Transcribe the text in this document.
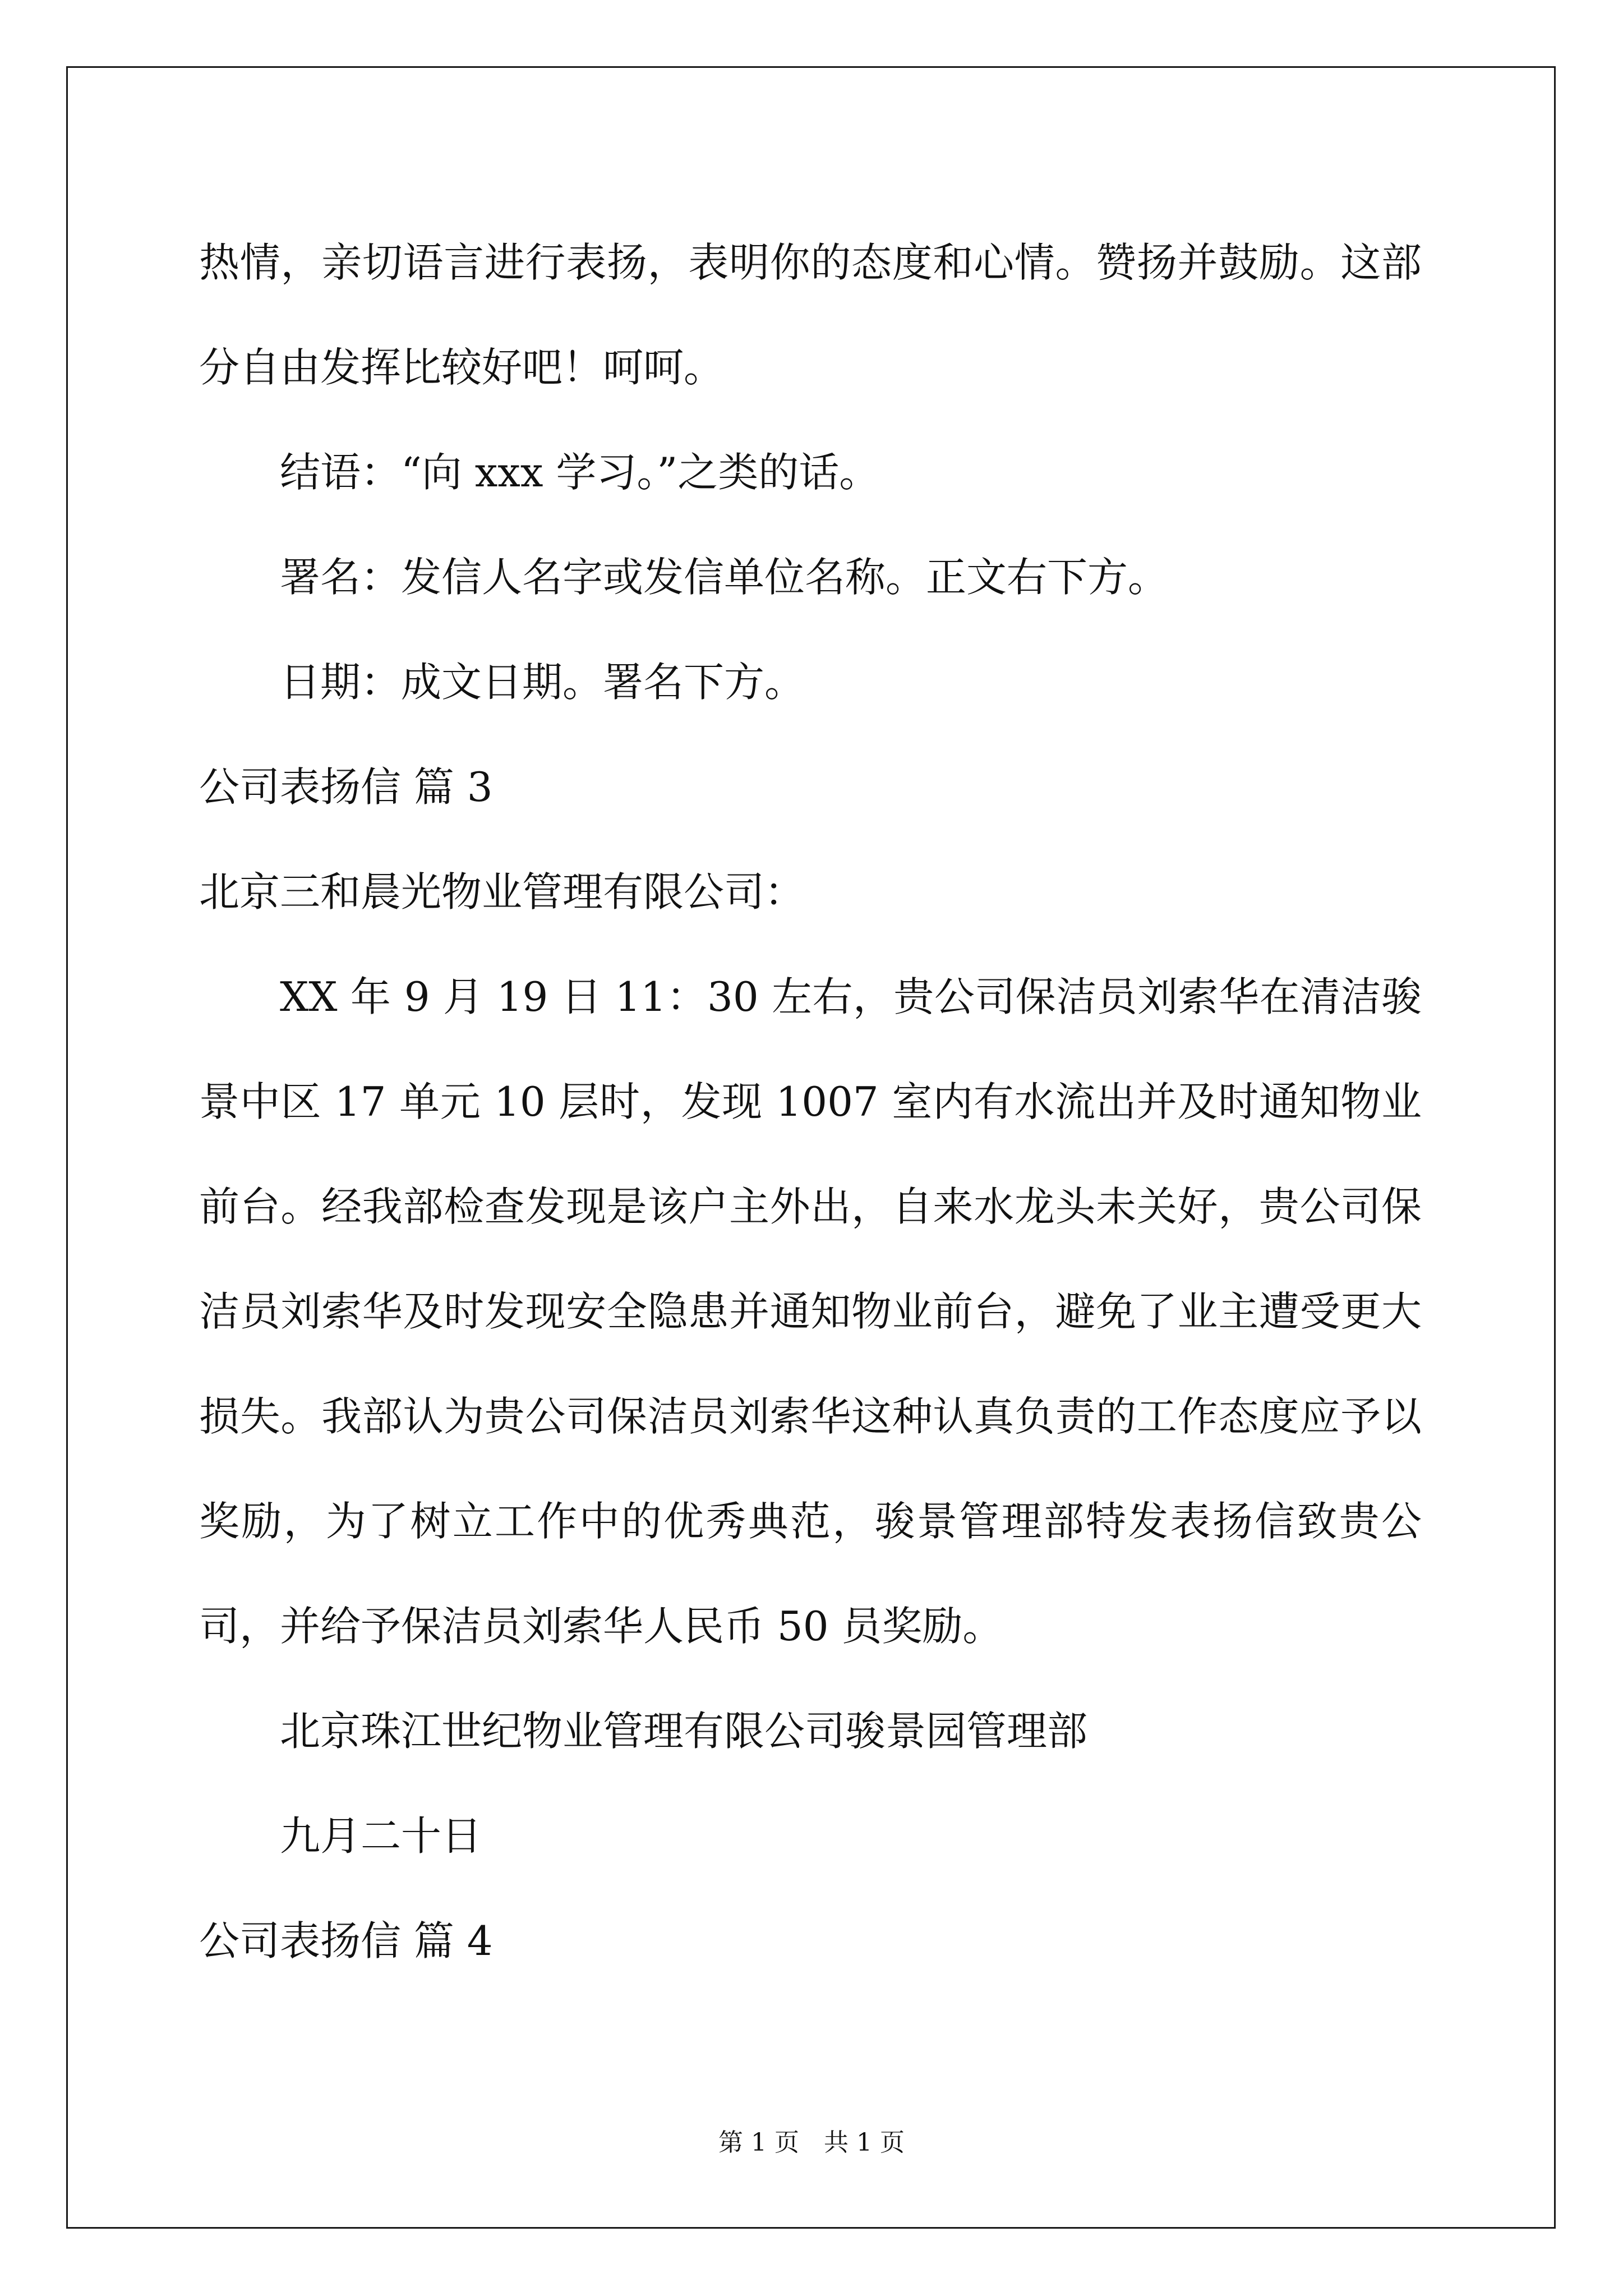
热情，亲切语言进行表扬，表明你的态度和心情。赞扬并鼓励。这部分自由发挥比较好吧！呵呵。

结语：“向 xxx 学习。”之类的话。

署名：发信人名字或发信单位名称。正文右下方。

日期：成文日期。署名下方。

公司表扬信 篇 3

北京三和晨光物业管理有限公司：

XX 年 9 月 19 日 11：30 左右，贵公司保洁员刘索华在清洁骏景中区 17 单元 10 层时，发现 1007 室内有水流出并及时通知物业前台。经我部检查发现是该户主外出，自来水龙头未关好，贵公司保洁员刘索华及时发现安全隐患并通知物业前台，避免了业主遭受更大损失。我部认为贵公司保洁员刘索华这种认真负责的工作态度应予以奖励，为了树立工作中的优秀典范，骏景管理部特发表扬信致贵公司，并给予保洁员刘索华人民币 50 员奖励。

北京珠江世纪物业管理有限公司骏景园管理部

九月二十日

公司表扬信 篇 4

第 1 页　共 1 页
